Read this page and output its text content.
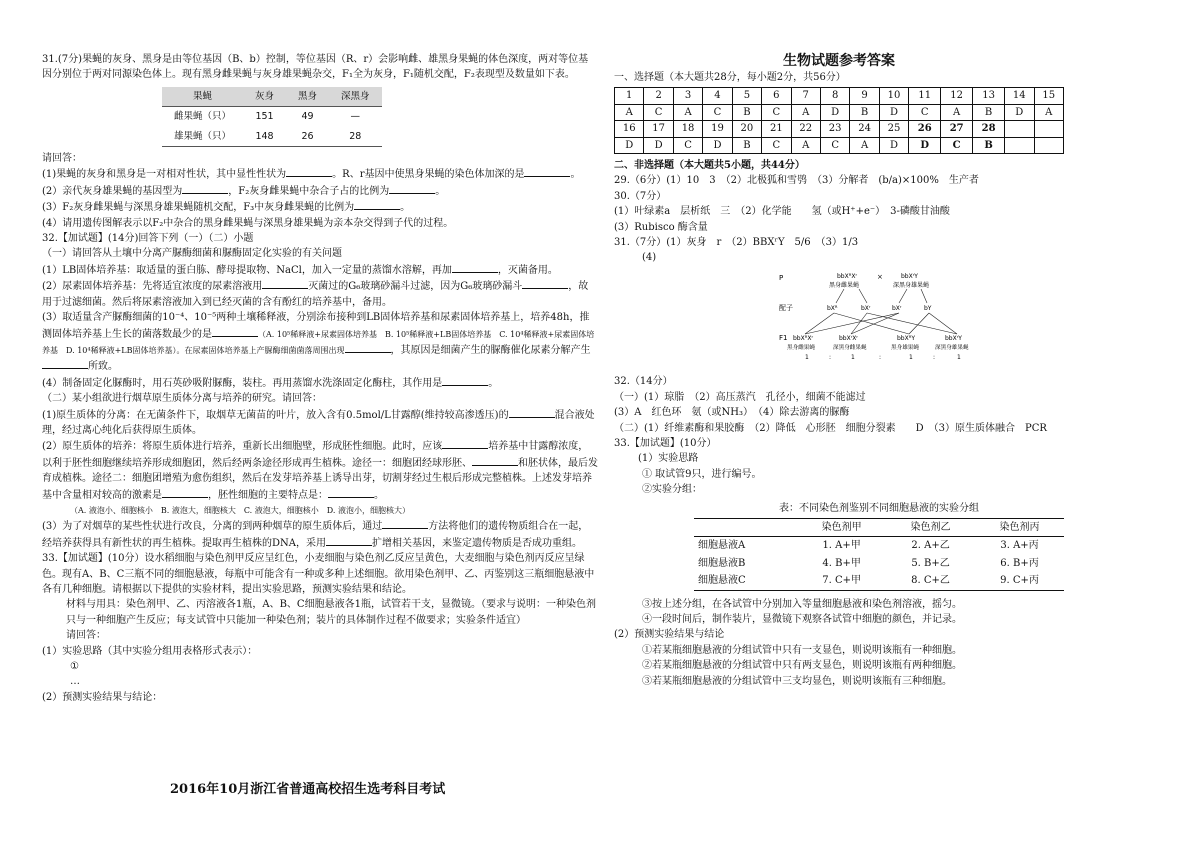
31.(7分)果蝇的灰身、黑身是由等位基因（B、b）控制，等位基因（R、r）会影响雌、雄黑身果蝇的体色深度，两对等位基因分别位于两对同源染色体上。现有黑身雌果蝇与灰身雄果蝇杂交，F₁全为灰身，F₁随机交配，F₂表现型及数量如下表。

果蝇	灰身	黑身	深黑身
雌果蝇（只）	151	49	—
雄果蝇（只）	148	26	28

请回答：

(1)果蝇的灰身和黑身是一对相对性状，其中显性性状为	。R、r基因中使黑身果蝇的染色体加深的是	。

(2）亲代灰身雄果蝇的基因型为	，F₂灰身雌果蝇中杂合子占的比例为	。

(3）F₂灰身雌果蝇与深黑身雄果蝇随机交配，F₃中灰身雌果蝇的比例为	。

(4）请用遗传图解表示以F₂中杂合的黑身雌果蝇与深黑身雄果蝇为亲本杂交得到子代的过程。

32.【加试题】(14分)回答下列（一）（二）小题

（一）请回答从土壤中分离产脲酶细菌和脲酶固定化实验的有关问题

(1）LB固体培养基：取适量的蛋白胨、酵母提取物、NaCl，加入一定量的蒸馏水溶解，再加	，灭菌备用。

(2）尿素固体培养基：先将适宜浓度的尿素溶液用	灭菌过的G₆玻璃砂漏斗过滤，因为G₆玻璃砂漏斗	，故用于过滤细菌。然后将尿素溶液加入到已经灭菌的含有酚红的培养基中，备用。

(3）取适量含产脲酶细菌的10⁻⁴、10⁻⁵两种土壤稀释液，分别涂布接种到LB固体培养基和尿素固体培养基上，培养48h，推测固体培养基上生长的菌落数最少的是	（A. 10⁵稀释液+尿素固体培养基　B. 10⁵稀释液+LB固体培养基　C. 10⁴稀释液+尿素固体培养基　D. 10⁴稀释液+LB固体培养基）。在尿素固体培养基上产脲酶细菌菌落周围出现	，其原因是细菌产生的脲酶催化尿素分解产生所致。

(4）制备固定化脲酶时，用石英砂吸附脲酶，装柱。再用蒸馏水洗涤固定化酶柱，其作用是	。

（二）某小组欲进行烟草原生质体分离与培养的研究。请回答：

(1)原生质体的分离：在无菌条件下，取烟草无菌苗的叶片，放入含有0.5mol/L甘露醇(维持较高渗透压)的	混合液处理，经过离心纯化后获得原生质体。

(2）原生质体的培养：将原生质体进行培养，重新长出细胞壁，形成胚性细胞。此时，应该	培养基中甘露醇浓度，以利于胚性细胞继续培养形成细胞团，然后经两条途径形成再生植株。途径一：细胞团经球形胚、	和胚状体，最后发育成植株。途径二：细胞团增殖为愈伤组织，然后在发芽培养基上诱导出芽，切割芽经过生根后形成完整植株。上述发芽培养基中含量相对较高的激素是	，胚性细胞的主要特点是：	。

（A. 液泡小、细胞核小　B. 液泡大，细胞核大　C. 液泡大，细胞核小　D. 液泡小，细胞核大）

(3）为了对烟草的某些性状进行改良，分离的到两种烟草的原生质体后，通过	方法将他们的遗传物质组合在一起，经培养获得具有新性状的再生植株。提取再生植株的DNA，采用	扩增相关基因，来鉴定遗传物质是否成功重组。

33.【加试题】(10分）设水稻细胞与染色剂甲反应呈红色，小麦细胞与染色剂乙反应呈黄色，大麦细胞与染色剂丙反应呈绿色。现有A、B、C三瓶不同的细胞悬液，每瓶中可能含有一种或多种上述细胞。欲用染色剂甲、乙、丙鉴别这三瓶细胞悬液中各有几种细胞。请根据以下提供的实验材料，提出实验思路，预测实验结果和结论。

材料与用具：染色剂甲、乙、丙溶液各1瓶，A、B、C细胞悬液各1瓶，试管若干支，显微镜。（要求与说明：一种染色剂只与一种细胞产生反应；每支试管中只能加一种染色剂；装片的具体制作过程不做要求；实验条件适宜）

请回答：

(1）实验思路（其中实验分组用表格形式表示）：

①

…

(2）预测实验结果与结论：

2016年10月浙江省普通高校招生选考科目考试

生物试题参考答案

一、选择题（本大题共28分，每小题2分，共56分）

1	2	3	4	5	6	7	8	9	10	11	12	13	14	15
A	C	A	C	B	C	A	D	B	D	C	A	B	D	A
16	17	18	19	20	21	22	23	24	25	26	27	28		
D	D	C	D	B	C	A	C	A	D	D	C	B		

二、非选择题（本大题共5小题，共44分）

29.（6分）(1）10　3　（2）北极狐和雪鸮　（3）分解者　(b/a)×100%　生产者

30.（7分）

(1）叶绿素a　层析纸　三　（2）化学能　　氢（或H⁺+e⁻）　3-磷酸甘油酸

(3）Rubisco 酶含量

31.（7分）(1）灰身　r　（2）BBXʳY　5/6　（3）1/3

(4)

P	bbXᴿXʳ
黑身雌果蝇
×	bbXʳY
深黑身雄果蝇
配子	bXᴿ	bXʳ	bXʳ	bY
F1 bbXᴿXʳ	bbXʳXʳ	bbXᴿY	bbXʳY
黑身雌果蝇	深黑身雌果蝇	黑身雄果蝇	深黑身雄果蝇
1	:	1	:	1	:	1

32.（14分）

（一）(1）琼脂　（2）高压蒸汽　孔径小，细菌不能滤过

(3）A　红色环　氨（或NH₃）　（4）除去游离的脲酶

（二）(1）纤维素酶和果胶酶　（2）降低　心形胚　细胞分裂素　　D　（3）原生质体融合　PCR

33.【加试题】(10分）

(1）实验思路

① 取试管9只，进行编号。

②实验分组：

表：不同染色剂鉴别不同细胞悬液的实验分组
	染色剂甲	染色剂乙	染色剂丙
细胞悬液A	1. A+甲	2. A+乙	3. A+丙
细胞悬液B	4. B+甲	5. B+乙	6. B+丙
细胞悬液C	7. C+甲	8. C+乙	9. C+丙

③按上述分组，在各试管中分别加入等量细胞悬液和染色剂溶液，摇匀。

④一段时间后，制作装片，显微镜下观察各试管中细胞的颜色，并记录。

(2）预测实验结果与结论

①若某瓶细胞悬液的分组试管中只有一支显色，则说明该瓶有一种细胞。

②若某瓶细胞悬液的分组试管中只有两支显色，则说明该瓶有两种细胞。

③若某瓶细胞悬液的分组试管中三支均显色，则说明该瓶有三种细胞。
